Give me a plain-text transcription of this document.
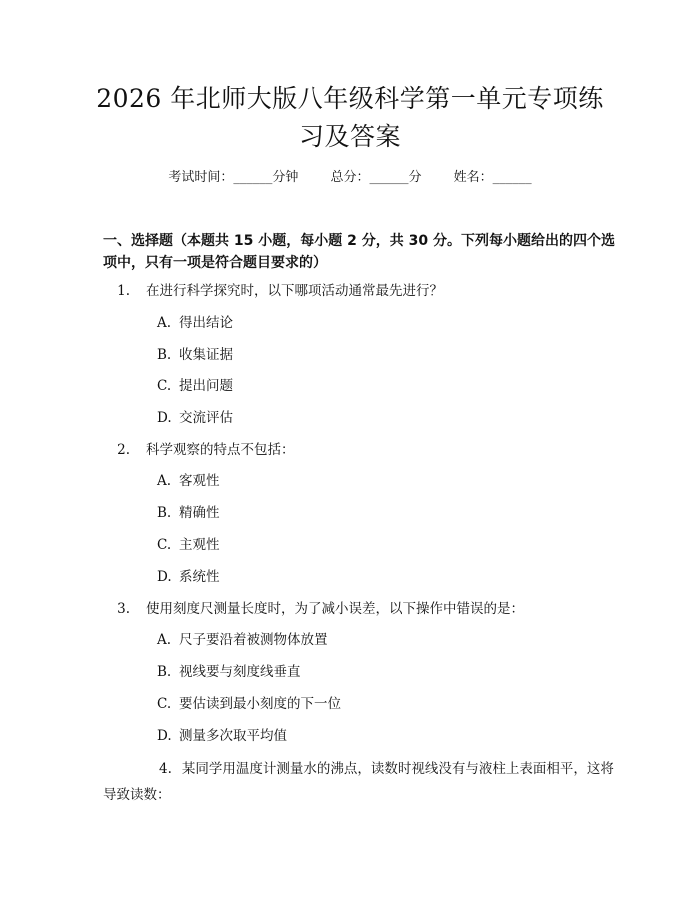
2026 年北师大版八年级科学第一单元专项练
习及答案
考试时间：______分钟 总分：______分 姓名：______
一、选择题（本题共 15 小题，每小题 2 分，共 30 分。下列每小题给出的四个选项中，只有一项是符合题目要求的）
1. 在进行科学探究时，以下哪项活动通常最先进行？
A. 得出结论
B. 收集证据
C. 提出问题
D. 交流评估
2. 科学观察的特点不包括：
A. 客观性
B. 精确性
C. 主观性
D. 系统性
3. 使用刻度尺测量长度时，为了减小误差，以下操作中错误的是：
A. 尺子要沿着被测物体放置
B. 视线要与刻度线垂直
C. 要估读到最小刻度的下一位
D. 测量多次取平均值
4. 某同学用温度计测量水的沸点，读数时视线没有与液柱上表面相平，这将导致读数：
